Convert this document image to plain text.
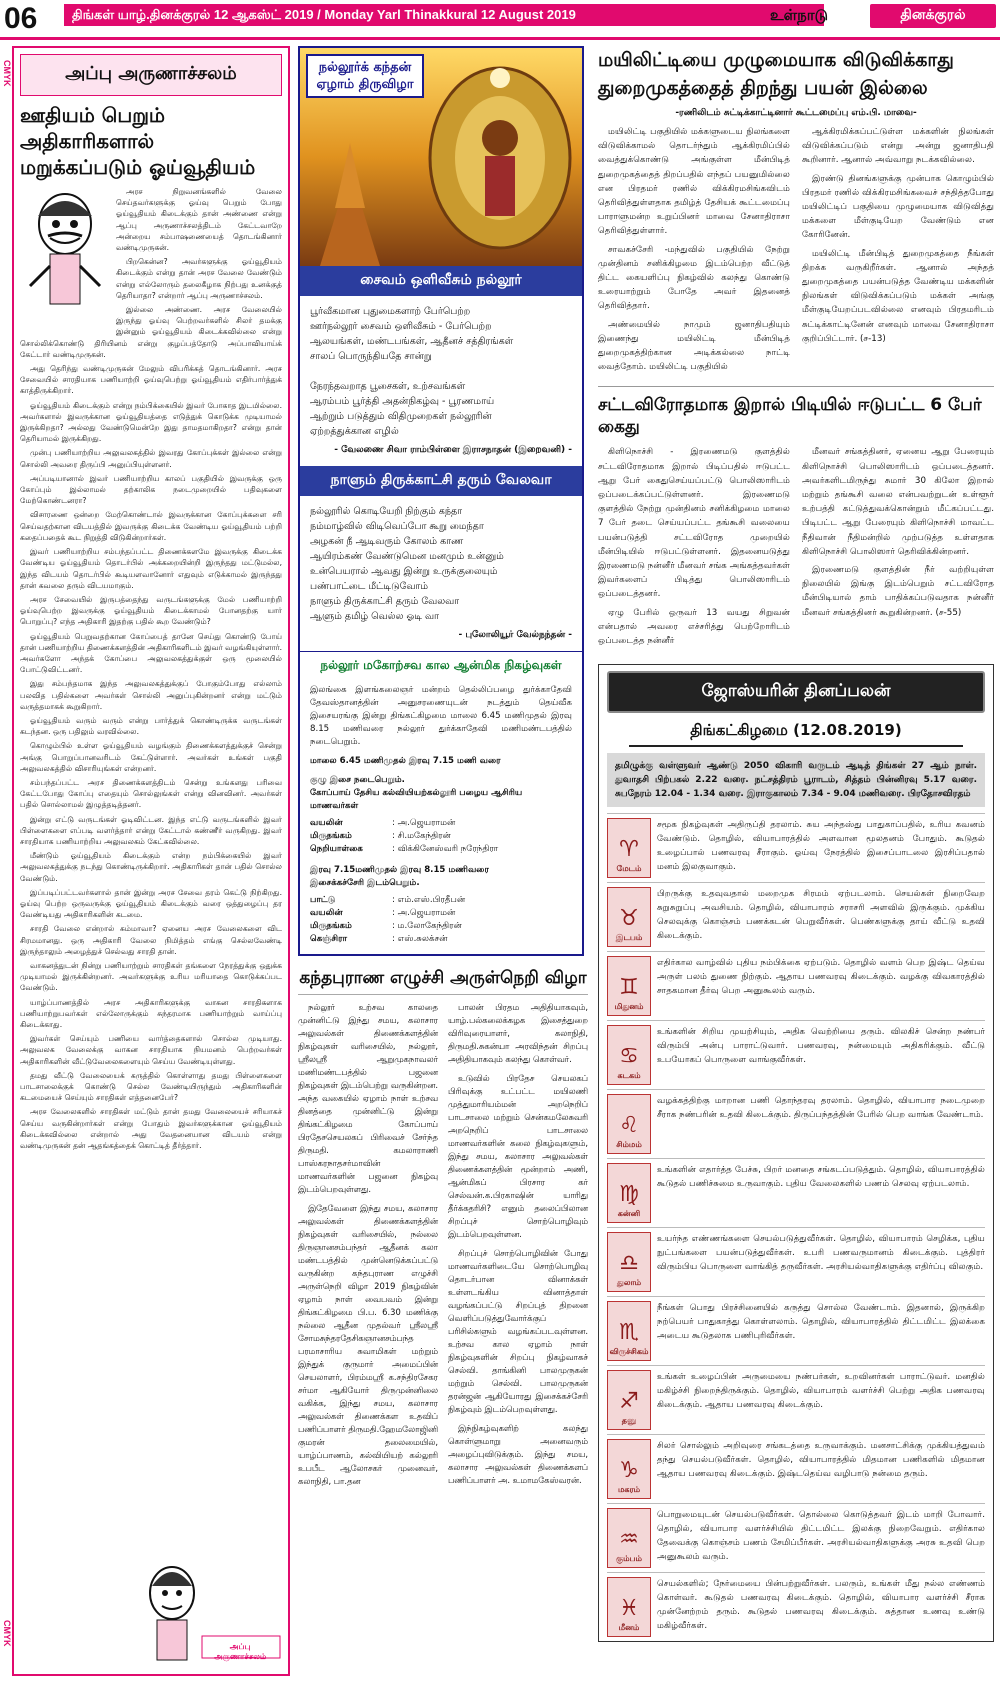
06	திங்கள் யாழ்.தினக்குரல் 12 ஆகஸ்ட் 2019 / Monday Yarl Thinakkural 12 August 2019	உள்நாடு	தினக்குரல்
CMYK
CMYK
அப்பு அருணாச்சலம்
ஊதியம் பெறும் அதிகாரிகளால் மறுக்கப்படும் ஓய்வூதியம்

அரச நிறுவனங்களில் வேலை செய்தவர்களுக்கு ஓய்வு பெறும் போது ஓய்வூதியம் கிடைக்கும் தான் அண்ணை என்று ஆப்பு அருணாச்சலத்திடம் கேட்டவாறே அன்றைய சம்பாஷணையைத் தொடங்கினார் வண்டிமுருகன்.

பிறகென்ன? அவர்களுக்கு ஓய்வூதியம் கிடைக்கும் என்று தான் அரச வேலை வேண்டும் என்று எல்லோரும் தலைகீழாக நிற்பது உனக்குத் தெரியாதா? என்றார் ஆப்பு அருணாச்சலம்.

இல்லை அண்ணை. அரச வேலையில் இருந்து ஓய்வு பெற்றவர்களில் சிலர் தமக்கு இன்னும் ஓய்வூதியம் கிடைக்கவில்லை என்று சொல்லிக்கொண்டு திரியினம் என்று குழப்பத்தோடு அப்பாவியாய்க் கேட்டார் வண்டிமுருகன்.

அது தெரிந்து வண்டிமுருகன் மேலும் விபரிக்கத் தொடங்கினார். அரச சேவையில் சாரதியாக பணியாற்றி ஓய்வுபெற்று ஓய்வூதியம் எதிர்பார்த்துக் காத்திருக்கிறார்.

ஓய்வூதியம் கிடைக்கும் என்று நம்பிக்கையில் இவர் போகாத இடமில்லை. அவர்களால் இவருக்கான ஓய்வூதியத்தை எடுத்துக் கொடுக்க முடியாமல் இருக்கிறதா? அல்லது வேண்டுமென்றே இது தாமதமாகிறதா? என்று தான் தெரியாமல் இருக்கிறது.

முன்பு பணியாற்றிய அலுவலகத்தில் இவரது கோப்புக்கள் இல்லை என்று சொல்லி அவரை திருப்பி அனுப்பியுள்ளனர்.

அப்படியானால் இவர் பணியாற்றிய காலப் பகுதியில் இவருக்கு ஒரு கோப்பும் இல்லாமல் தற்காலிக நடைமுறையில் பதிவுகளை மேற்கொண்டனரா?

விசாரணை ஒன்றை மேற்கொண்டால் இவருக்கான கோப்புக்களை சரி செய்வதற்கான விடயத்தில் இவருக்கு கிடைக்க வேண்டிய ஓய்வூதியம் பற்றி கதைப்பதைக் கூட நிறுத்தி விடுகின்றார்கள்.

இவர் பணியாற்றிய சம்பந்தப்பட்ட திணைக்களமே இவருக்கு கிடைக்க வேண்டிய ஓய்வூதியம் தொடர்பில் அக்கறையின்றி இருந்தது மட்டுமல்ல, இந்த விடயம் தொடர்பில் கூடியளவானோர் எதுவும் எடுக்காமல் இருந்தது தான் கவலை தரும் விடயமாகும்.

அரச சேவையில் இருபத்தைந்து வருடங்களுக்கு மேல் பணியாற்றி ஓய்வுபெற்ற இவருக்கு ஓய்வூதியம் கிடைக்காமல் போனதற்கு யார் பொறுப்பு? எந்த அதிகாரி இதற்கு பதில் கூற வேண்டும்?

ஓய்வூதியம் பெறுவதற்கான கோப்பைத் தானே செய்து கொண்டு போய் தான் பணியாற்றிய திணைக்களத்தின் அதிகாரிகளிடம் இவர் வழங்கியுள்ளார். அவர்களோ அந்தக் கோப்பை அலுவலகத்துக்குள் ஒரு மூலையில் போட்டுவிட்டனர்.

இது சம்பந்தமாக இந்த அலுவலகத்துக்குப் போகும்போது எல்லாம் பலவித பதில்களை அவர்கள் சொல்லி அனுப்புகின்றனர் என்று மட்டும் வருத்தமாகக் கூறுகிறார்.

ஓய்வூதியம் வரும் வரும் என்று பார்த்துக் கொண்டிருக்க வருடங்கள் கடந்தன. ஒரு பதிலும் வரவில்லை.

கொழும்பில் உள்ள ஓய்வூதியம் வழங்கும் திணைக்களத்துக்குச் சென்று அங்கு பொறுப்பானவரிடம் கேட்டுள்ளார். அவர்கள் உங்கள் பகுதி அலுவலகத்தில் விசாரியுங்கள் என்றனர்.

சம்பந்தப்பட்ட அரச திணைக்களத்திடம் சென்று உங்களது பரிவை கேட்டபோது கோப்பு எதையும் சொல்லுங்கள் என்று வினவினர். அவர்கள் பதில் சொல்லாமல் இழுத்தடித்தனர்.

இன்று எட்டு வருடங்கள் ஓடிவிட்டன. இந்த எட்டு வருடங்களில் இவர் பிள்ளைகளை எப்படி வளர்த்தார் என்று கேட்டால் கண்ணீர் வருகிறது. இவர் சாரதியாக பணியாற்றிய அலுவலகம் கேட்கவில்லை.

மீண்டும் ஓய்வூதியம் கிடைக்கும் என்ற நம்பிக்கையில் இவர் அலுவலகத்துக்கு நடந்து கொண்டிருக்கிறார். அதிகாரிகள் தான் பதில் சொல்ல வேண்டும்.

இப்படிப்பட்டவர்களால் தான் இன்று அரச சேவை தரம் கெட்டு நிற்கிறது. ஓய்வு பெற்ற ஒருவருக்கு ஓய்வூதியம் கிடைக்கும் வரை ஒத்துழைப்பு தர வேண்டியது அதிகாரிகளின் கடமை.

சாரதி வேலை என்றால் சும்மாவா? ஏனைய அரச வேலைகளை விட சிரமமானது. ஒரு அதிகாரி வேலை நிமித்தம் எங்கு செல்லவேண்டி இருந்தாலும் அழைத்துச் செல்வது சாரதி தான்.

வாகனத்துடன் நின்று பணியாற்றும் சாரதிகள் தங்களை நேரத்துக்கு ஒதுக்க முடியாமல் இருக்கின்றனர். அவர்களுக்கு உரிய மரியாதை கொடுக்கப்பட வேண்டும்.

யாழ்ப்பாணத்தில் அரச அதிகாரிகளுக்கு வாகன சாரதிகளாக பணியாற்றுபவர்கள் எல்லோருக்கும் சுந்தரமாக பணியாற்றும் வாய்ப்பு கிடைக்காது.

இவர்கள் செய்யும் பணியை வார்த்தைகளால் சொல்ல முடியாது. அலுவலக வேலைக்கு வாகன சாரதியாக நியமனம் பெற்றவர்கள் அதிகாரிகளின் வீட்டுவேலைகளையும் செய்ய வேண்டியுள்ளது.

தமது வீட்டு வேலையைக் கருத்தில் கொள்ளாது தமது பிள்ளைகளை பாடசாலைக்குக் கொண்டு செல்ல வேண்டியிருந்தும் அதிகாரிகளின் கடமையைச் செய்யும் சாரதிகள் எத்தனைபேர்?

அரச வேலைகளில் சாரதிகள் மட்டும் தான் தமது வேலையைச் சரியாகச் செய்ய வருகின்றார்கள் என்று போதும் இவர்களுக்கான ஓய்வூதியம் கிடைக்கவில்லை என்றால் அது வேதனையான விடயம் என்று வண்டிமுருகன் தன் ஆதங்கத்தைக் கொட்டித் தீர்த்தார்.

அப்பு அருணாச்சலம்
நல்லூர்க் கந்தன் ஏழாம் திருவிழா
சைவம் ஒளிவீசும் நல்லூர்
பூர்வீகமான புதுமைகளாற் பேர்பெற்ற
ஊர்நல்லூர் சைவம் ஒளிவீசும் - பேர்பெற்ற
ஆலயங்கள், மண்டபங்கள், ஆதீனச் சத்திரங்கள்
சாலப் பொருந்தியதே சான்று

நேரந்தவறாத பூசைகள், உற்சவங்கள்
ஆரம்பம் பூர்த்தி அதன்நிகழ்வு - பூரணமாய்
ஆற்றும் படுத்தும் விதிமுறைகள் நல்லூரின்
ஏற்றத்துக்கான எழில்
- வேலணை சிவா ராம்பிள்ளை இராசநாதன் (இறைவனி) -
நாளும் திருக்காட்சி தரும் வேலவா
நல்லூரில் கொடியேறி நிற்கும் கந்தா
நம்மாழ்வில் விடிவெப்போ கூறு மைந்தா
அழகன் நீ ஆடிவரும் கோலம் காண
ஆயிரம்கண் வேண்டுமென மனமும் உன்னும்
உன்பெயரால் ஆவது இன்று உருக்குலையும்
பண்பாட்டை மீட்டிடுவோம்
நாளும் திருக்காட்சி தரும் வேலவா
ஆளும் தமிழ் வெல்ல ஓடி வா
- புலோலியூர் வேல்நந்தன் -
நல்லூர் மகோற்சவ கால ஆன்மிக நிகழ்வுகள்

இலங்கை இளங்கலைஞர் மன்றம் தெல்லிப்பழை துர்க்காதேவி தேவஸ்தானத்தின் அனுசரணையுடன் நடத்தும் தெய்வீக இசையரங்கு இன்று திங்கட்கிழமை மாலை 6.45 மணிமுதல் இரவு 8.15 மணிவரை நல்லூர் துர்க்காதேவி மணிமண்டபத்தில் நடைபெறும்.

மாலை 6.45 மணிமுதல் இரவு 7.15 மணி வரை

குழு இசை நடைபெறும்.
கோப்பாய் தேசிய கல்வியியற்கல்லூரி பழைய ஆசிரிய மாணவர்கள்
வயலின்	: அ.ஜெயராமன்
மிருதங்கம்	: சி.மகேந்திரன்
நெறியாள்கை	: விக்கினேஸ்வரி நரேந்திரா

இரவு 7.15மணிமுதல் இரவு 8.15 மணிவரை

இசைக்கச்சேரி இடம்பெறும்.
பாட்டு	: எம்.எஸ்.பிரதீபன்
வயலின்	: அ.ஜெயராமன்
மிருதங்கம்	: ம.லோகேந்திரன்
கெஞ்சிரா	: எஸ்.சுலக்சன்
கந்தபுராண எழுச்சி அருள்நெறி விழா

நல்லூர் உற்சவ காலதை முன்னிட்டு இந்து சமய, கலாசார அலுவல்கள் திணைக்களத்தின் நிகழ்வுகள் வரிசையில், நல்லூர், ஸ்ரீலஸ்ரீ ஆறுமுகநாவலர் மணிமண்டபத்தில் பஜனை நிகழ்வுகள் இடம்பெற்று வருகின்றன. அந்த வகையில் ஏழாம் நாள் உற்சவ தினத்தை முன்னிட்டு இன்று திங்கட்கிழமை கோப்பாய் பிரதேசசெயலகப் பிரிவைச் சேர்ந்த திருமதி. கமலாராணி பாஸ்கரநாதசர்மாவின் மாணவர்களின் பஜனை நிகழ்வு இடம்பெறவுள்ளது.

இதேவேளை இந்து சமய, கலாசார அலுவல்கள் திணைக்களத்தின் நிகழ்வுகள் வரிசையில், நல்லை திருஞானசம்பந்தர் ஆதீனக் கலா மண்டபத்தில் முன்னெடுக்கப்பட்டு வருகின்ற கந்தபுராண எழுச்சி அருள்நெறி விழா 2019 நிகழ்வின் ஏழாம் நாள் வைபவம் இன்று திங்கட்கிழமை பி.ப. 6.30 மணிக்கு நல்லை ஆதீன முதல்வர் ஸ்ரீலஸ்ரீ சோமசுந்தரதேசிகஞானசம்பந்த பரமாசாரிய சுவாமிகள் மற்றும் இந்துக் குருமார் அமைப்பின் செயலாளர், பிரம்மஸ்ரீ க.சந்திரசேகர சர்மா ஆகியோர் திருமுன்னிலை வகிக்க, இந்து சமய, கலாசார அலுவல்கள் திணைக்கள உதவிப் பணிப்பாளர் திருமதி.ஹேமலோஜினி குமரன் தலைமையில், யாழ்ப்பாணம், கல்வியியற் கல்லூரி உபபீட ஆலோசகர் முனைவர், கலாநிதி, பா.தன

பாலன் பிரதம அதிதியாகவும், யாழ்.பல்கலைக்கழக இசைத்துறை விரிவுரையாளர், கலாநிதி, திருமதி.சுகன்யா அரவிந்தன் சிறப்பு அதிதியாகவும் கலந்து கொள்வர்.

உடுவில் பிரதேச செயலகப் பிரிவுக்கு உட்பட்ட மயிலணி முத்துமாரியம்மன் அறநெறிப் பாடசாலை மற்றும் சென்கமலேசுவரி அறநெறிப் பாடசாலை மாணவர்களின் கலை நிகழ்வுகளும், இந்து சமய, கலாசார அலுவல்கள் திணைக்களத்தின் மூன்றாம் அணி, ஆன்மிகப் பிரசார கர் செல்வன்.க.பிரகாஷின் யாரிது தீர்க்கதரிசி? எனும் தலைப்பிலான சிறப்புச் சொற்பொழிவும் இடம்பெறவுள்ளன.

சிறப்புச் சொற்பொழிவின் போது மாணவர்களிடையே சொற்பொழிவு தொடர்பான வினாக்கள் உள்ளடங்கிய வினாத்தாள் வழங்கப்பட்டு சிறப்புத் திறனை வெளிப்படுத்துவோர்க்குப் பரிசில்களும் வழங்கப்படவுள்ளன. உற்சவ கால ஏழாம் நாள் நிகழ்வுகளின் சிறப்பு நிகழ்வாகச் செல்வி. தாங்கினி பாலமுருகன் மற்றும் செல்வி. பாலமுருகன் தரன்ஜன் ஆகியோரது இசைக்கச்சேரி நிகழ்வும் இடம்பெறவுள்ளது.

இந்நிகழ்வுகளிற் கலந்து கொள்ளுமாறு அனைவரும் அழைப்புவிடுக்கும். இந்து சமய, கலாசார அலுவல்கள் திணைக்களப் பணிப்பாளர் அ. உமாமகேஸ்வரன்.

மயிலிட்டியை முழுமையாக விடுவிக்காது துறைமுகத்தைத் திறந்து பயன் இல்லை
-ரணிலிடம் சுட்டிக்காட்டினார் கூட்டமைப்பு எம்.பி. மாவை-

மயிலிட்டி பகுதியில் மக்களுடைய நிலங்களை விடுவிக்காமல் தொடர்ந்தும் ஆக்கிரமிப்பில் வைத்துக்கொண்டு அங்குள்ள மீன்பிடித் துறைமுகத்தைத் திறப்பதில் எந்தப் பயனுமில்லை என பிரதமர் ரணில் விக்கிரமசிங்கவிடம் தெரிவித்துள்ளதாக தமிழ்த் தேசியக் கூட்டமைப்பு பாராளுமன்ற உறுப்பினர் மாவை சேனாதிராசா தெரிவித்துள்ளார்.

சாவகச்சேரி -மந்துவில் பகுதியில் நேற்று முன்தினம் சனிக்கிழமை இடம்பெற்ற வீட்டுத் திட்ட கையளிப்பு நிகழ்வில் கலந்து கொண்டு உரையாற்றும் போதே அவர் இதனைத் தெரிவித்தார்.

அண்மையில் நாமும் ஜனாதிபதியும் இணைந்து மயிலிட்டி மீன்பிடித் துறைமுகத்திற்கான அடிக்கல்லை நாட்டி வைத்தோம். மயிலிட்டி பகுதியில்

ஆக்கிரமிக்கப்பட்டுள்ள மக்களின் நிலங்கள் விடுவிக்கப்படும் என்று அன்று ஜனாதிபதி கூறினார். ஆனால் அவ்வாறு நடக்கவில்லை.

இரண்டு தினங்களுக்கு முன்பாக கொழும்பில் பிரதமர் ரணில் விக்கிரமசிங்கவைச் சந்தித்தபோது மயிலிட்டிப் பகுதியை முழுமையாக விடுவித்து மக்களை மீள்குடியேற வேண்டும் என கோரினேன்.

மயிலிட்டி மீன்பிடித் துறைமுகத்தை நீங்கள் திறக்க வருகிறீர்கள். ஆனால் அந்தத் துறைமுகத்தை பயன்படுத்த வேண்டிய மக்களின் நிலங்கள் விடுவிக்கப்படும் மக்கள் அங்கு மீள்குடியேறப்படவில்லை எனவும் பிரதமரிடம் சுட்டிக்காட்டினேன் எனவும் மாவை சேனாதிராசா குறிப்பிட்டார். (ச-13)

சட்டவிரோதமாக இறால் பிடியில் ஈடுபட்ட 6 பேர் கைது

கிளிநொச்சி - இரணைமடு குளத்தில் சட்டவிரோதமாக இறால் பிடிப்பதில் ஈடுபட்ட ஆறு பேர் கைதுசெய்யப்பட்டு பொலிஸாரிடம் ஒப்படைக்கப்பட்டுள்ளனர். இரணைமடு குளத்தில் நேற்று முன்தினம் சனிக்கிழமை மாலை 7 பேர் தடை செய்யப்பட்ட தங்கூசி வலையை பயன்படுத்தி சட்டவிரோத முறையில் மீன்பிடியில் ஈடுபட்டுள்ளனர். இதனையடுத்து இரணைமடு நன்னீர் மீனவர் சங்க அங்கத்தவர்கள் இவர்களைப் பிடித்து பொலிஸாரிடம் ஒப்படைத்தனர்.

ஏழு பேரில் ஒருவர் 13 வயது சிறுவன் என்பதால் அவரை எச்சரித்து பெற்றோரிடம் ஒப்படைத்த நன்னீர்

மீனவர் சங்கத்தினர், ஏனைய ஆறு பேரையும் கிளிநொச்சி பொலிஸாரிடம் ஒப்படைத்தனர். அவர்களிடமிருந்து சுமார் 30 கிலோ இறால் மற்றும் தங்கூசி வலை என்பவற்றுடன் உள்ளூர் உற்பத்தி கட்டுத்துவக்கொன்றும் மீட்கப்பட்டது. பிடிபட்ட ஆறு பேரையும் கிளிநொச்சி மாவட்ட நீதிவான் நீதிமன்றில் முற்படுத்த உள்ளதாக கிளிநொச்சி பொலிஸார் தெரிவிக்கின்றனர்.

இரணைமடு குளத்தின் நீர் வற்றியுள்ள நிலையில் இங்கு இடம்பெறும் சட்டவிரோத மீன்பிடியால் தாம் பாதிக்கப்படுவதாக நன்னீர் மீனவர் சங்கத்தினர் கூறுகின்றனர். (ச-55)

ஜோஸ்யரின் தினப்பலன்
திங்கட்கிழமை (12.08.2019)
தமிழுக்கு வள்ளுவர் ஆண்டு 2050 விகாரி வருடம் ஆடித் திங்கள் 27 ஆம் நாள். துவாதசி பிற்பகல் 2.22 வரை. நட்சத்திரம் பூராடம், சித்தம் பின்னிரவு 5.17 வரை. சுபநேரம் 12.04 - 1.34 வரை. இராகுகாலம் 7.34 - 9.04 மணிவரை. பிரதோசவிரதம்
♈
மேடம்
சமூக நிகழ்வுகள் அதிருப்தி தரலாம். சுய அந்தஸ்து பாதுகாப்பதில், உரிய கவனம் வேண்டும். தொழில், வியாபாரத்தில் அளவான மூலதனம் போதும். கூடுதல் உழைப்பால் பணவரவு சீராகும். ஓய்வு நேரத்தில் இசைப்பாடலை இரசிப்பதால் மனம் இலகுவாகும்.
♉
இடபம்
பிறருக்கு உதவுவதால் மறைமுக சிரமம் ஏற்படலாம். செயல்கள் நிறைவேற சுறுசுறுப்பு அவசியம். தொழில், வியாபாரம் சராசரி அளவில் இருக்கும். முக்கிய செலவுக்கு கொஞ்சம் பணக்கடன் பெறுவீர்கள். பெண்களுக்கு தாய் வீட்டு உதவி கிடைக்கும்.
♊
மிதுனம்
எதிர்கால வாழ்வில் புதிய நம்பிக்கை ஏற்படும். தொழில் வளம் பெற இஷ்ட தெய்வ அருள் பலம் துணை நிற்கும். ஆதாய பணவரவு கிடைக்கும். வழக்கு விவகாரத்தில் சாதகமான தீர்வு பெற அனுகூலம் வரும்.
♋
கடகம்
உங்களின் சிறிய முயற்சியும், அதிக வெற்றியை தரும். விலகிச் சென்ற நண்பர் விரும்பி அன்பு பாராட்டுவார். பணவரவு, நன்மையும் அதிகரிக்கும். வீட்டு உபயோகப் பொருளை வாங்குவீர்கள்.
♌
சிம்மம்
வழக்கத்திற்கு மாறான பணி தொந்தரவு தரலாம். தொழில், வியாபார நடைமுறை சீராக நண்பரின் உதவி கிடைக்கும். திருப்பந்தத்தின் பேரில் பெற வாங்க வேண்டாம்.
♍
கன்னி
உங்களின் எதார்த்த பேச்சு, பிறர் மனதை சங்கடப்படுத்தும். தொழில், வியாபாரத்தில் கூடுதல் பணிச்சுமை உருவாகும். புதிய வேலைகளில் பணம் செலவு ஏற்படலாம்.
♎
துலாம்
உயர்ந்த எண்ணங்களை செயல்படுத்துவீர்கள். தொழில், வியாபாரம் செழிக்க, புதிய நுட்பங்களை பயன்படுத்துவீர்கள். உபரி பணவருமானம் கிடைக்கும். புத்திரர் விரும்பிய பொருளை வாங்கித் தருவீர்கள். அரசியல்வாதிகளுக்கு எதிர்ப்பு விலகும்.
♏
விருச்சிகம்
நீங்கள் பொது பிரச்சினையில் கருத்து சொல்ல வேண்டாம். இதனால், இருக்கிற நற்பெயர் பாதுகாத்து கொள்ளலாம். தொழில், வியாபாரத்தில் திட்டமிட்ட இலக்கை அடைய கூடுதலாக பணிபுரிவீர்கள்.
♐
தனு
உங்கள் உழைப்பின் அருமையை நண்பர்கள், உறவினர்கள் பாராட்டுவர். மனதில் மகிழ்ச்சி நிறைந்திருக்கும். தொழில், வியாபாரம் வளர்ச்சி பெற்று அதிக பணவரவு கிடைக்கும். ஆதாய பணவரவு கிடைக்கும்.
♑
மகரம்
சிலர் சொல்லும் அறிவுரை சங்கடத்தை உருவாக்கும். மனசாட்சிக்கு முக்கியத்துவம் தந்து செயல்படுவீர்கள். தொழில், வியாபாரத்தில் மிதமான பணிகளில் மிதமான ஆதாய பணவரவு கிடைக்கும். இஷ்டதெய்வ வழிபாடு நன்மை தரும்.
♒
கும்பம்
பொறுமையுடன் செயல்படுவீர்கள். தொல்லை கொடுத்தவர் இடம் மாறி போவார். தொழில், வியாபார வளர்ச்சியில் திட்டமிட்ட இலக்கு நிறைவேறும். எதிர்கால தேவைக்கு கொஞ்சம் பணம் சேமிப்பீர்கள். அரசியல்வாதிகளுக்கு அரசு உதவி பெற அனுகூலம் வரும்.
♓
மீனம்
செயல்களில்; நேர்மையை பின்பற்றுவீர்கள். பலரும், உங்கள் மீது நல்ல எண்ணம் கொள்வர். கூடுதல் பணவரவு கிடைக்கும். தொழில், வியாபார வளர்ச்சி சீராக முன்னேற்றம் தரும். கூடுதல் பணவரவு கிடைக்கும். சுத்தான உணவு உண்டு மகிழ்வீர்கள்.
